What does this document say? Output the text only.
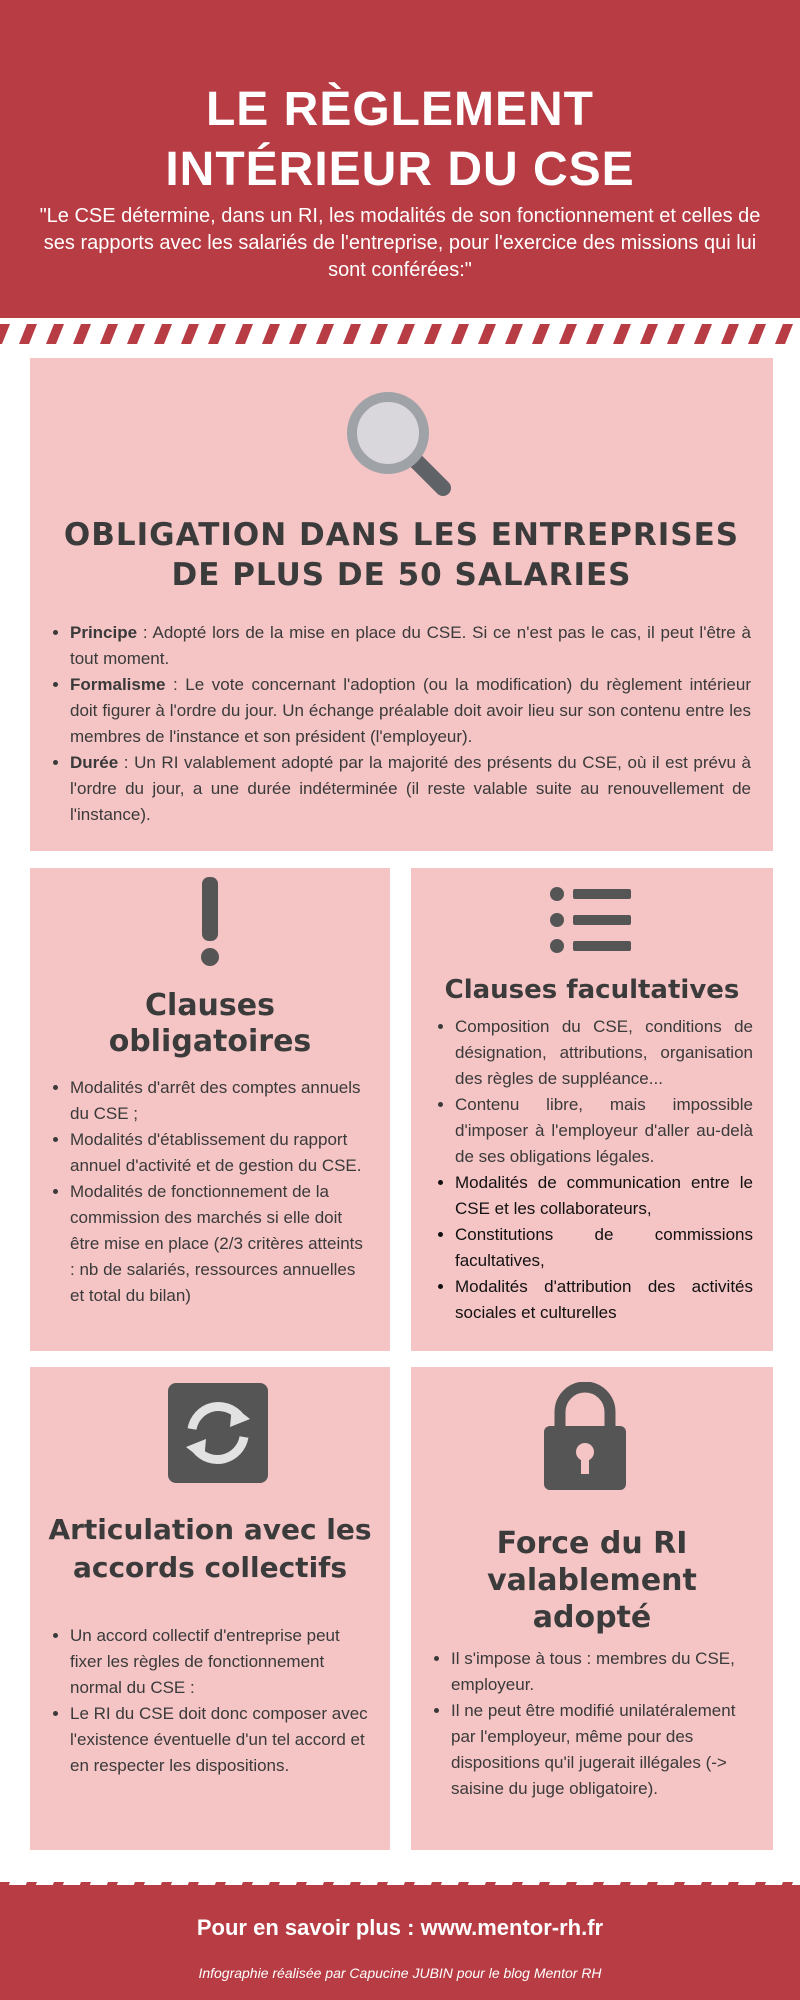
LE RÈGLEMENT
INTÉRIEUR DU CSE
"Le CSE détermine, dans un RI, les modalités de son fonctionnement et celles de ses rapports avec les salariés de l'entreprise, pour l'exercice des missions qui lui sont conférées:"
OBLIGATION DANS LES ENTREPRISES
DE PLUS DE 50 SALARIES
• Principe : Adopté lors de la mise en place du CSE. Si ce n'est pas le cas, il peut l'être à tout moment.
• Formalisme : Le vote concernant l'adoption (ou la modification) du règlement intérieur doit figurer à l'ordre du jour. Un échange préalable doit avoir lieu sur son contenu entre les membres de l'instance et son président (l'employeur).
• Durée : Un RI valablement adopté par la majorité des présents du CSE, où il est prévu à l'ordre du jour, a une durée indéterminée (il reste valable suite au renouvellement de l'instance).
Clauses
obligatoires
• Modalités d'arrêt des comptes annuels du CSE ;
• Modalités d'établissement du rapport annuel d'activité et de gestion du CSE.
• Modalités de fonctionnement de la commission des marchés si elle doit être mise en place (2/3 critères atteints : nb de salariés, ressources annuelles et total du bilan)
Clauses facultatives
• Composition du CSE, conditions de désignation, attributions, organisation des règles de suppléance...
• Contenu libre, mais impossible d'imposer à l'employeur d'aller au-delà de ses obligations légales.
• Modalités de communication entre le CSE et les collaborateurs,
• Constitutions de commissions facultatives,
• Modalités d'attribution des activités sociales et culturelles
Articulation avec les
accords collectifs
• Un accord collectif d'entreprise peut fixer les règles de fonctionnement normal du CSE :
• Le RI du CSE doit donc composer avec l'existence éventuelle d'un tel accord et en respecter les dispositions.
Force du RI
valablement
adopté
• Il s'impose à tous : membres du CSE, employeur.
• Il ne peut être modifié unilatéralement par l'employeur, même pour des dispositions qu'il jugerait illégales (-> saisine du juge obligatoire).
Pour en savoir plus : www.mentor-rh.fr
Infographie réalisée par Capucine JUBIN pour le blog Mentor RH
